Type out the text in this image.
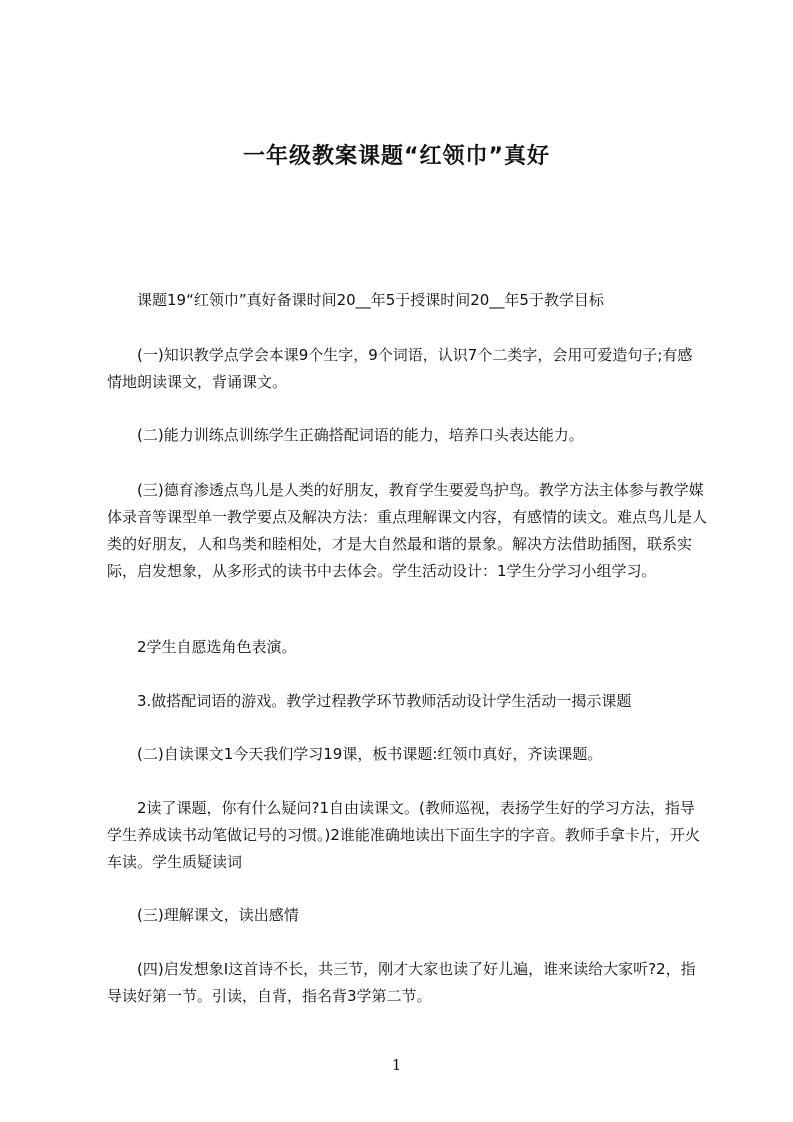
一年级教案课题“红领巾”真好

课题19“红领巾”真好备课时间20__年5于授课时间20__年5于教学目标

(一)知识教学点学会本课9个生字，9个词语，认识7个二类字，会用可爱造句子;有感情地朗读课文，背诵课文。

(二)能力训练点训练学生正确搭配词语的能力，培养口头表达能力。

(三)德育渗透点鸟儿是人类的好朋友，教育学生要爱鸟护鸟。教学方法主体参与教学媒体录音等课型单一教学要点及解决方法：重点理解课文内容，有感情的读文。难点鸟儿是人类的好朋友，人和鸟类和睦相处，才是大自然最和谐的景象。解决方法借助插图，联系实际，启发想象，从多形式的读书中去体会。学生活动设计：1学生分学习小组学习。

2学生自愿选角色表演。

3.做搭配词语的游戏。教学过程教学环节教师活动设计学生活动一揭示课题

(二)自读课文1今天我们学习19课，板书课题:红领巾真好，齐读课题。

2读了课题，你有什么疑问?1自由读课文。(教师巡视，表扬学生好的学习方法，指导学生养成读书动笔做记号的习惯。)2谁能准确地读出下面生字的字音。教师手拿卡片，开火车读。学生质疑读词

(三)理解课文，读出感情

(四)启发想象I这首诗不长，共三节，刚才大家也读了好儿遍，谁来读给大家听?2，指导读好第一节。引读，自背，指名背3学第二节。

1
